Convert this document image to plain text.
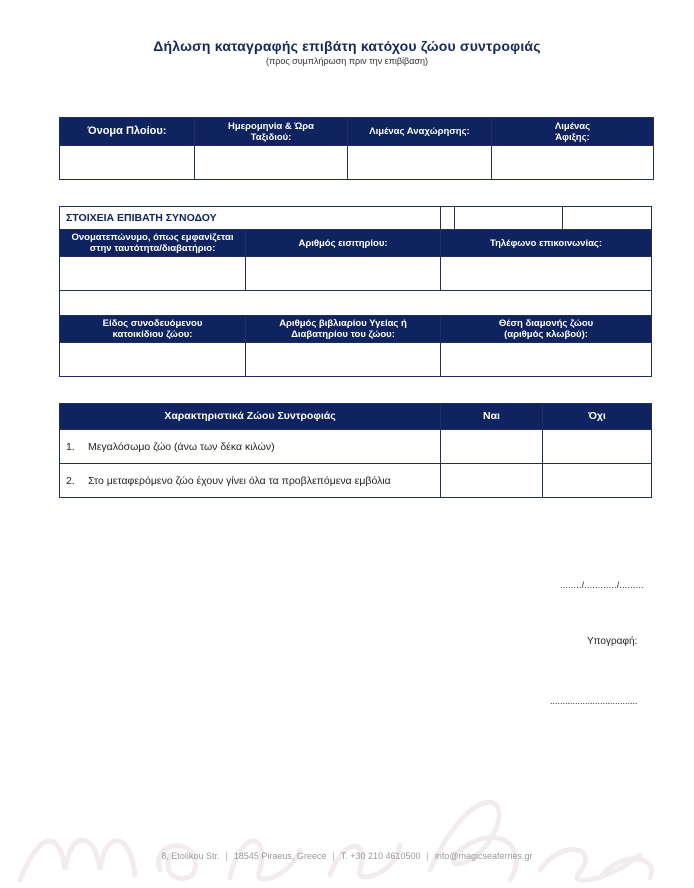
Δήλωση καταγραφής επιβάτη κατόχου ζώου συντροφιάς
(προς συμπλήρωση πριν την επιβίβαση)
Όνομα Πλοίου:	Ημερομηνία & Ώρα Ταξιδιού:	Λιμένας Αναχώρησης:	Λιμένας Άφιξης:

ΣΤΟΙΧΕΙΑ ΕΠΙΒΑΤΗ ΣΥΝΟΔΟΥ				
Ονοματεπώνυμο, όπως εμφανίζεται στην ταυτότητα/διαβατήριο:	Αριθμός εισιτηρίου:	Τηλέφωνο επικοινωνίας:		

Είδος συνοδευόμενου κατοικίδιου ζώου:	Αριθμός βιβλιαρίου Υγείας ή Διαβατηρίου του ζώου:	Θέση διαμονής ζώου (αριθμός κλωβού):		

Χαρακτηριστικά Ζώου Συντροφιάς	Ναι	Όχι
1. Μεγαλόσωμο ζώο (άνω των δέκα κιλών)		
2. Στο μεταφερόμενο ζώο έχουν γίνει όλα τα προβλεπόμενα εμβόλια		
......../............/.........
Υπογραφή:
...................................
8, Etolikou Str. | 18545 Piraeus, Greece | T. +30 210 4610500 | info@magicseaferries.gr
